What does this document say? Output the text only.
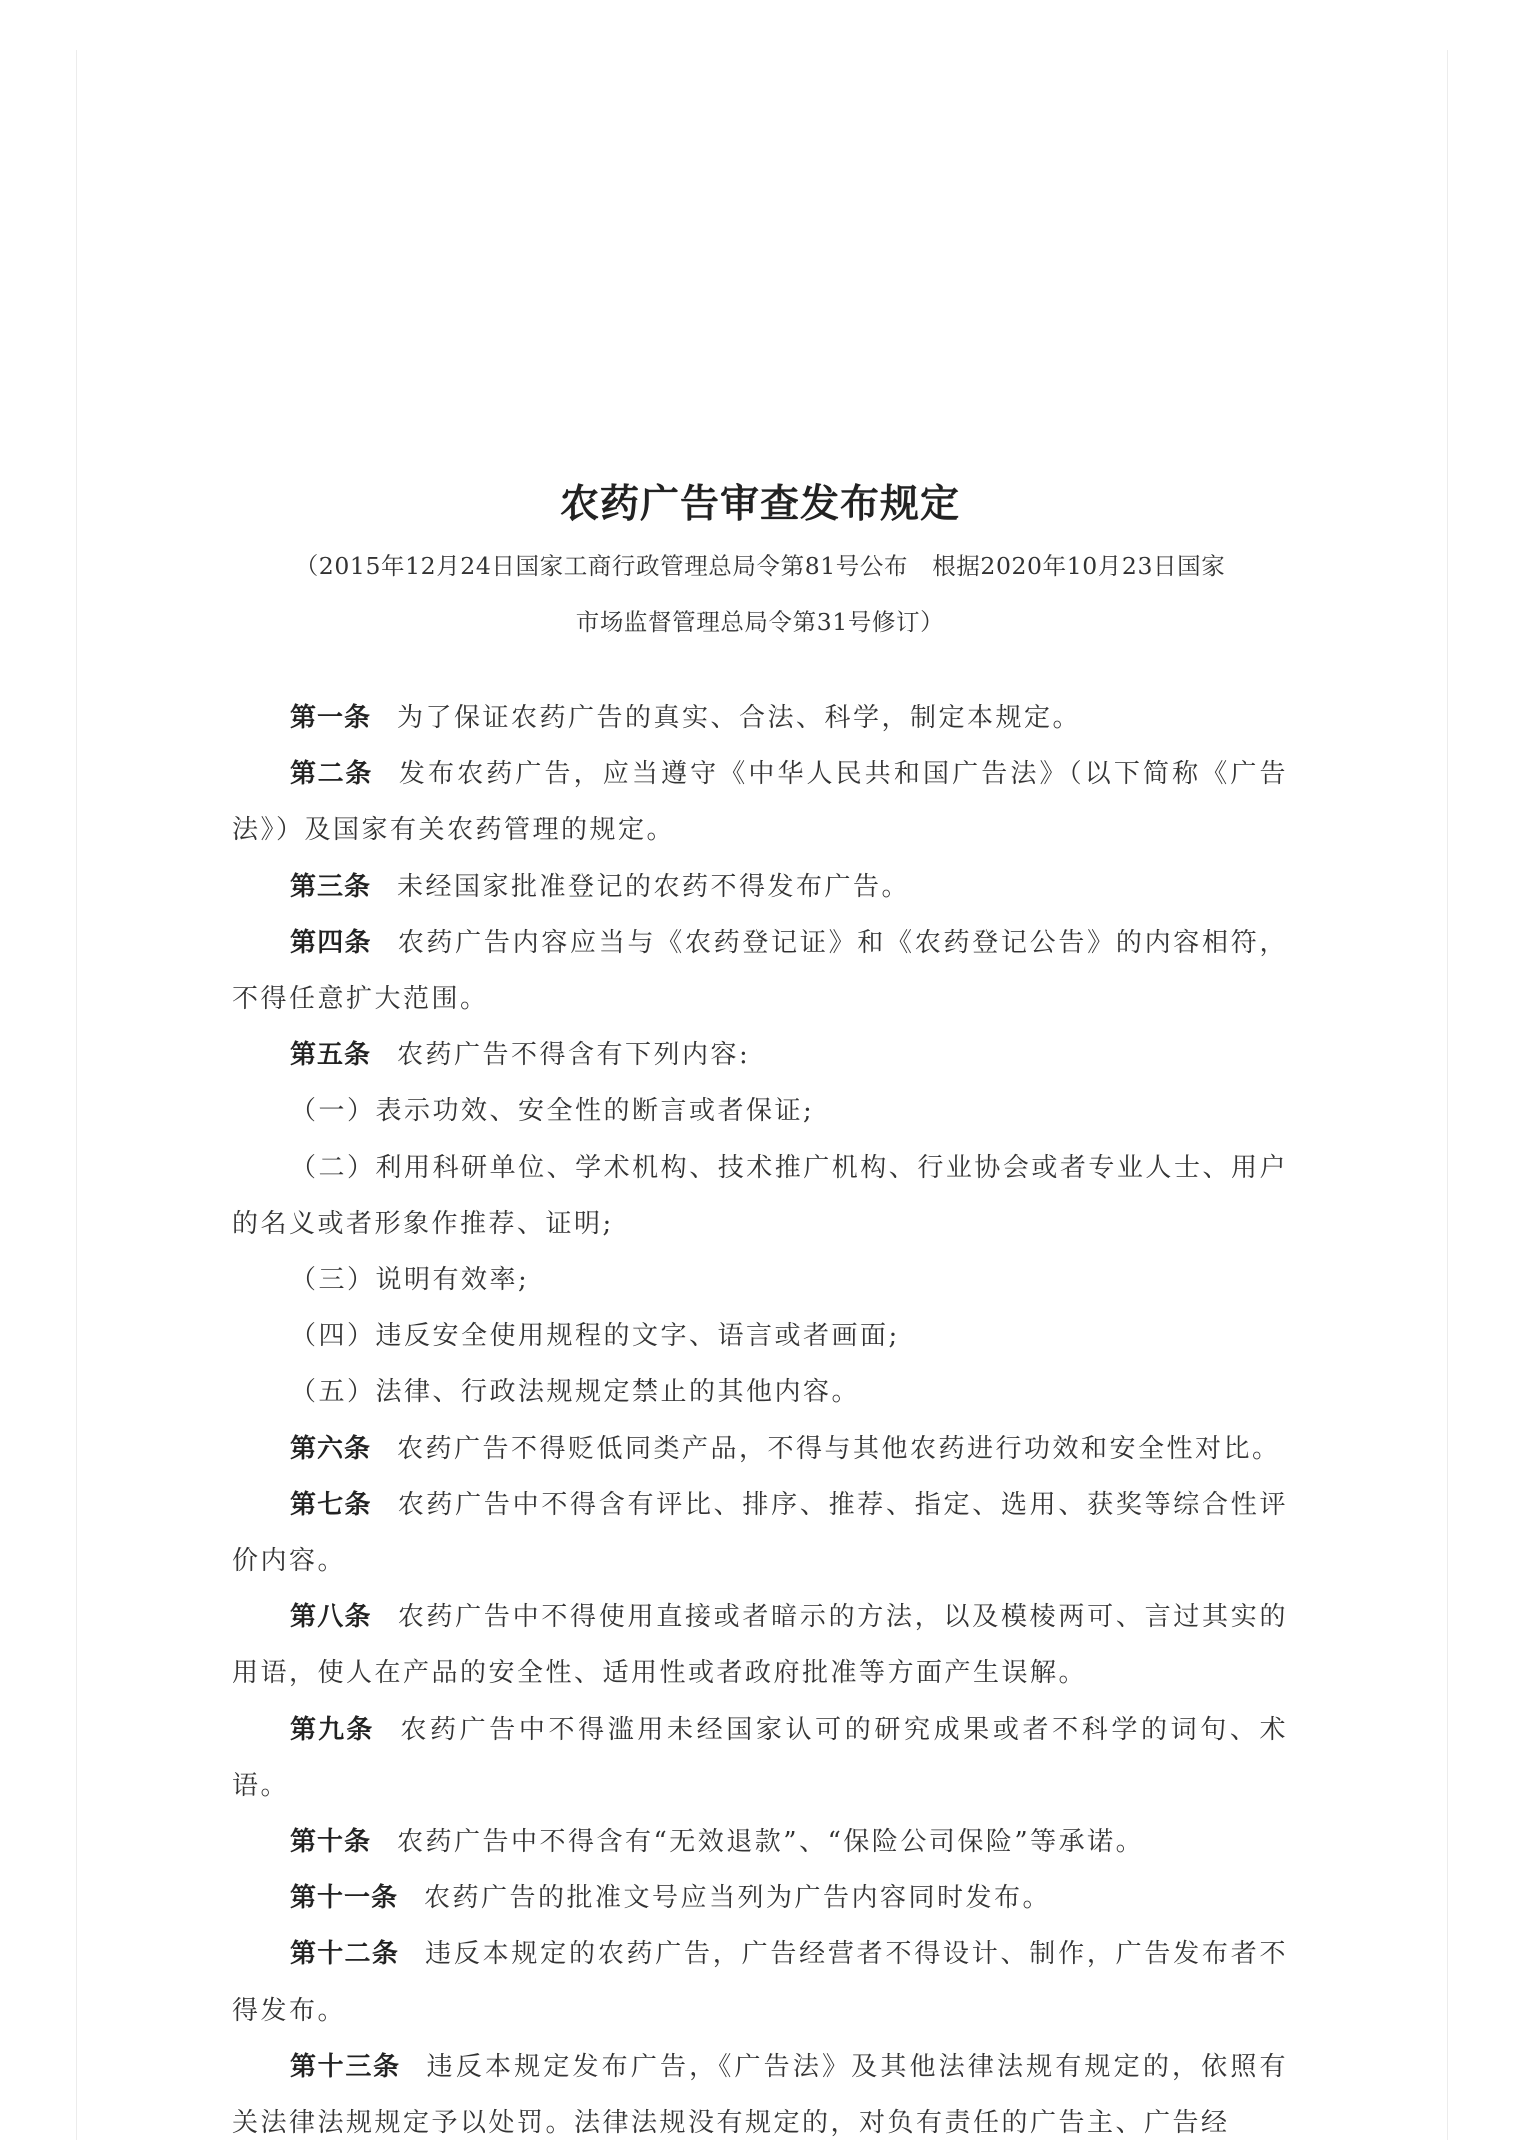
农药广告审查发布规定
（2015年12月24日国家工商行政管理总局令第81号公布　根据2020年10月23日国家
市场监督管理总局令第31号修订）

第一条 为了保证农药广告的真实、合法、科学，制定本规定。

第二条 发布农药广告，应当遵守《中华人民共和国广告法》（以下简称《广告法》）及国家有关农药管理的规定。

第三条 未经国家批准登记的农药不得发布广告。

第四条 农药广告内容应当与《农药登记证》和《农药登记公告》的内容相符，不得任意扩大范围。

第五条 农药广告不得含有下列内容:

（一）表示功效、安全性的断言或者保证;

（二）利用科研单位、学术机构、技术推广机构、行业协会或者专业人士、用户的名义或者形象作推荐、证明;

（三）说明有效率;

（四）违反安全使用规程的文字、语言或者画面;

（五）法律、行政法规规定禁止的其他内容。

第六条 农药广告不得贬低同类产品，不得与其他农药进行功效和安全性对比。

第七条 农药广告中不得含有评比、排序、推荐、指定、选用、获奖等综合性评价内容。

第八条 农药广告中不得使用直接或者暗示的方法，以及模棱两可、言过其实的用语，使人在产品的安全性、适用性或者政府批准等方面产生误解。

第九条 农药广告中不得滥用未经国家认可的研究成果或者不科学的词句、术语。

第十条 农药广告中不得含有“无效退款”、“保险公司保险”等承诺。

第十一条 农药广告的批准文号应当列为广告内容同时发布。

第十二条 违反本规定的农药广告，广告经营者不得设计、制作，广告发布者不得发布。

第十三条 违反本规定发布广告，《广告法》及其他法律法规有规定的，依照有关法律法规规定予以处罚。法律法规没有规定的，对负有责任的广告主、广告经
